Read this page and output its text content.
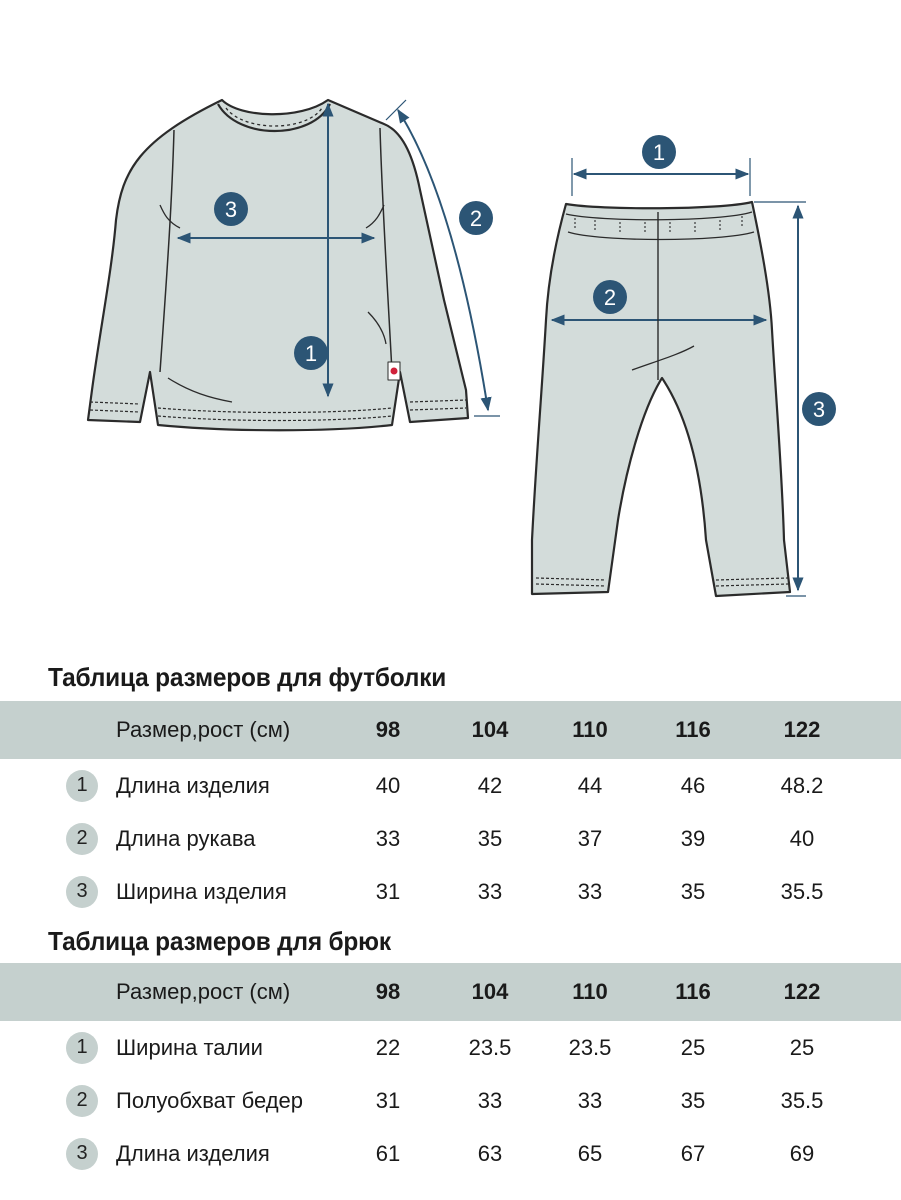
1
2
3
1
2
3
Таблица размеров для футболки
Размер,рост (см)	98	104	110	116	122
1	Длина изделия	40	42	44	46	48.2
2	Длина рукава	33	35	37	39	40
3	Ширина изделия	31	33	33	35	35.5
Таблица размеров для брюк
Размер,рост (см)	98	104	110	116	122
1	Ширина талии	22	23.5	23.5	25	25
2	Полуобхват бедер	31	33	33	35	35.5
3	Длина изделия	61	63	65	67	69
